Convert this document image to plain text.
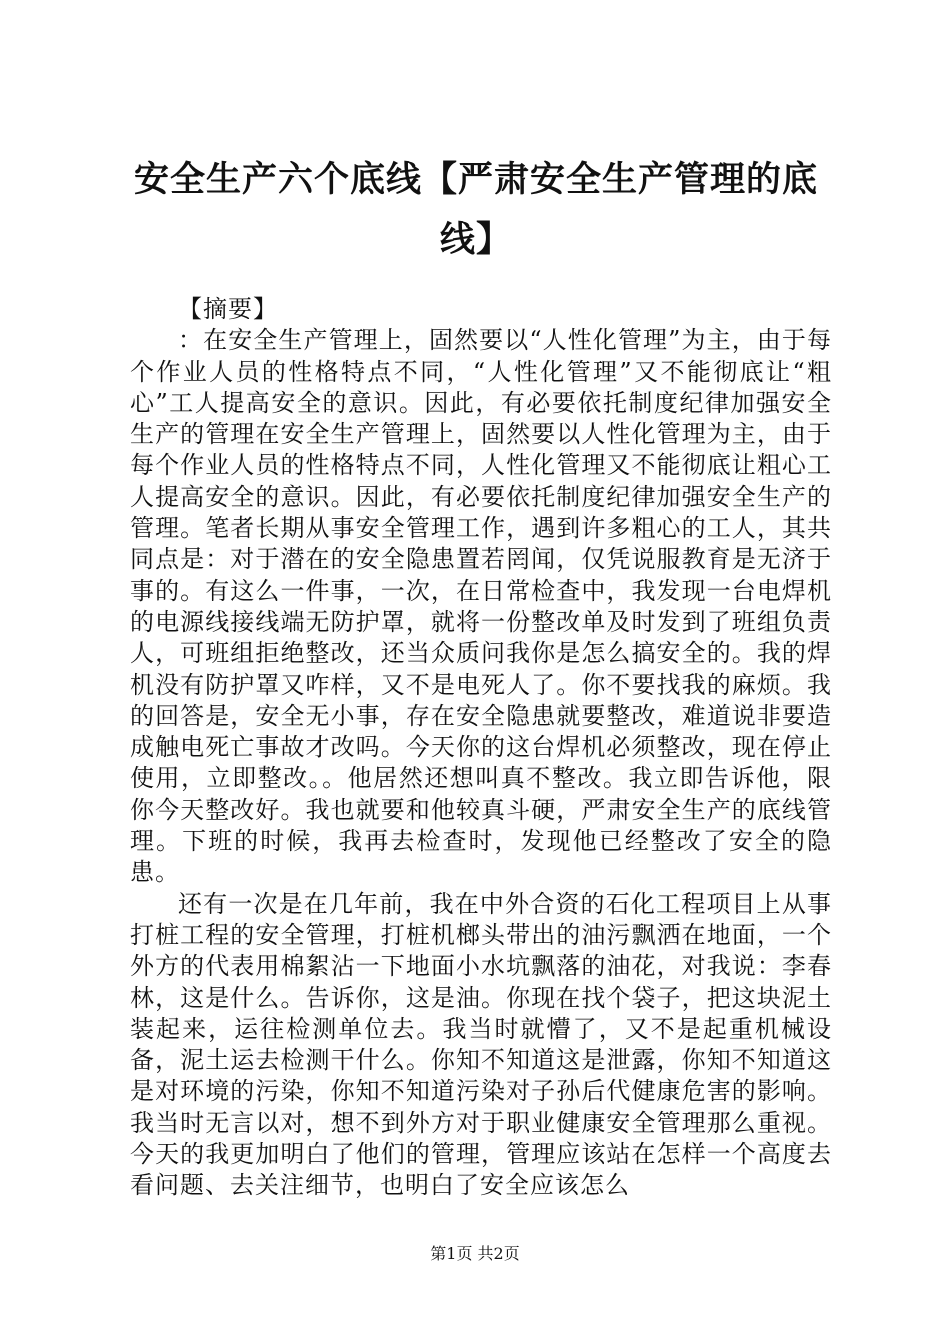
安全生产六个底线【严肃安全生产管理的底线】

【摘要】

：在安全生产管理上，固然要以“人性化管理”为主，由于每个作业人员的性格特点不同，“人性化管理”又不能彻底让“粗心”工人提高安全的意识。因此，有必要依托制度纪律加强安全生产的管理在安全生产管理上，固然要以人性化管理为主，由于每个作业人员的性格特点不同，人性化管理又不能彻底让粗心工人提高安全的意识。因此，有必要依托制度纪律加强安全生产的管理。笔者长期从事安全管理工作，遇到许多粗心的工人，其共同点是：对于潜在的安全隐患置若罔闻，仅凭说服教育是无济于事的。有这么一件事，一次，在日常检查中，我发现一台电焊机的电源线接线端无防护罩，就将一份整改单及时发到了班组负责人，可班组拒绝整改，还当众质问我你是怎么搞安全的。我的焊机没有防护罩又咋样，又不是电死人了。你不要找我的麻烦。我的回答是，安全无小事，存在安全隐患就要整改，难道说非要造成触电死亡事故才改吗。今天你的这台焊机必须整改，现在停止使用，立即整改。。他居然还想叫真不整改。我立即告诉他，限你今天整改好。我也就要和他较真斗硬，严肃安全生产的底线管理。下班的时候，我再去检查时，发现他已经整改了安全的隐患。

还有一次是在几年前，我在中外合资的石化工程项目上从事打桩工程的安全管理，打桩机榔头带出的油污飘洒在地面，一个外方的代表用棉絮沾一下地面小水坑飘落的油花，对我说：李春林，这是什么。告诉你，这是油。你现在找个袋子，把这块泥土装起来，运往检测单位去。我当时就懵了，又不是起重机械设备，泥土运去检测干什么。你知不知道这是泄露，你知不知道这是对环境的污染，你知不知道污染对子孙后代健康危害的影响。我当时无言以对，想不到外方对于职业健康安全管理那么重视。今天的我更加明白了他们的管理，管理应该站在怎样一个高度去看问题、去关注细节，也明白了安全应该怎么

第1页 共2页
